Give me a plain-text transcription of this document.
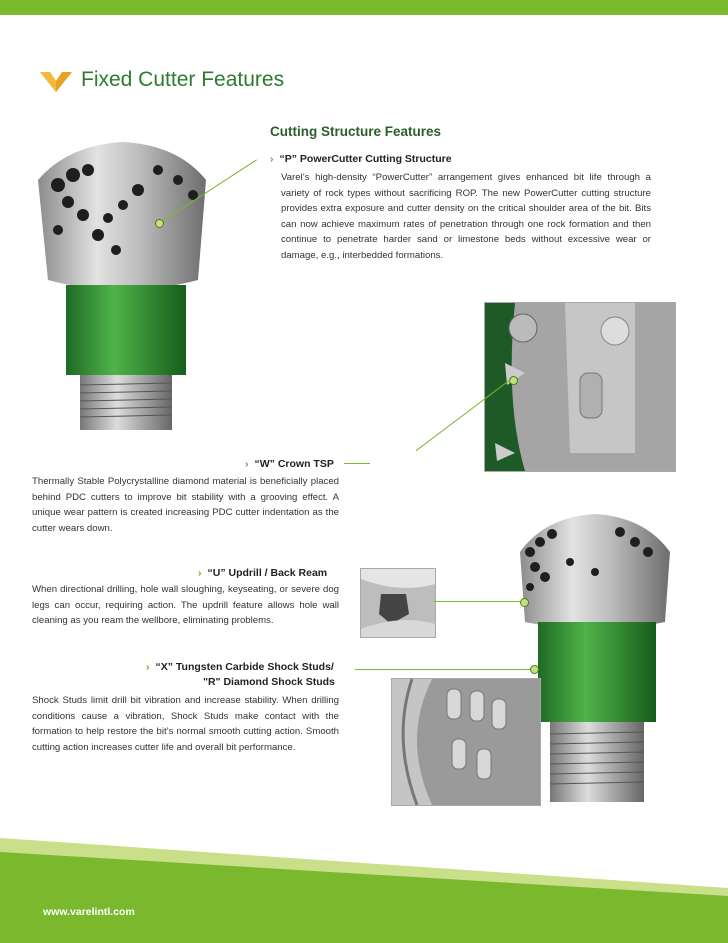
Fixed Cutter Features
Cutting Structure Features
› “P” PowerCutter Cutting Structure
Varel’s high-density “PowerCutter” arrangement gives enhanced bit life through a variety of rock types without sacrificing ROP. The new PowerCutter cutting structure provides extra exposure and cutter density on the critical shoulder area of the bit. Bits can now achieve maximum rates of penetration through one rock formation and then continue to penetrate harder sand or limestone beds without excessive wear or damage, e.g., interbedded formations.
› “W” Crown TSP
Thermally Stable Polycrystalline diamond material is beneficially placed behind PDC cutters to improve bit stability with a grooving effect. A unique wear pattern is created increasing PDC cutter indentation as the cutter wears down.
› “U” Updrill / Back Ream
When directional drilling, hole wall sloughing, keyseating, or severe dog legs can occur, requiring action. The updrill feature allows hole wall cleaning as you ream the wellbore, eliminating problems.
› “X” Tungsten Carbide Shock Studs/
"R" Diamond Shock Studs
Shock Studs limit drill bit vibration and increase stability. When drilling conditions cause a vibration, Shock Studs make contact with the formation to help restore the bit’s normal smooth cutting action. Smooth cutting action increases cutter life and overall bit performance.
www.varelintl.com
